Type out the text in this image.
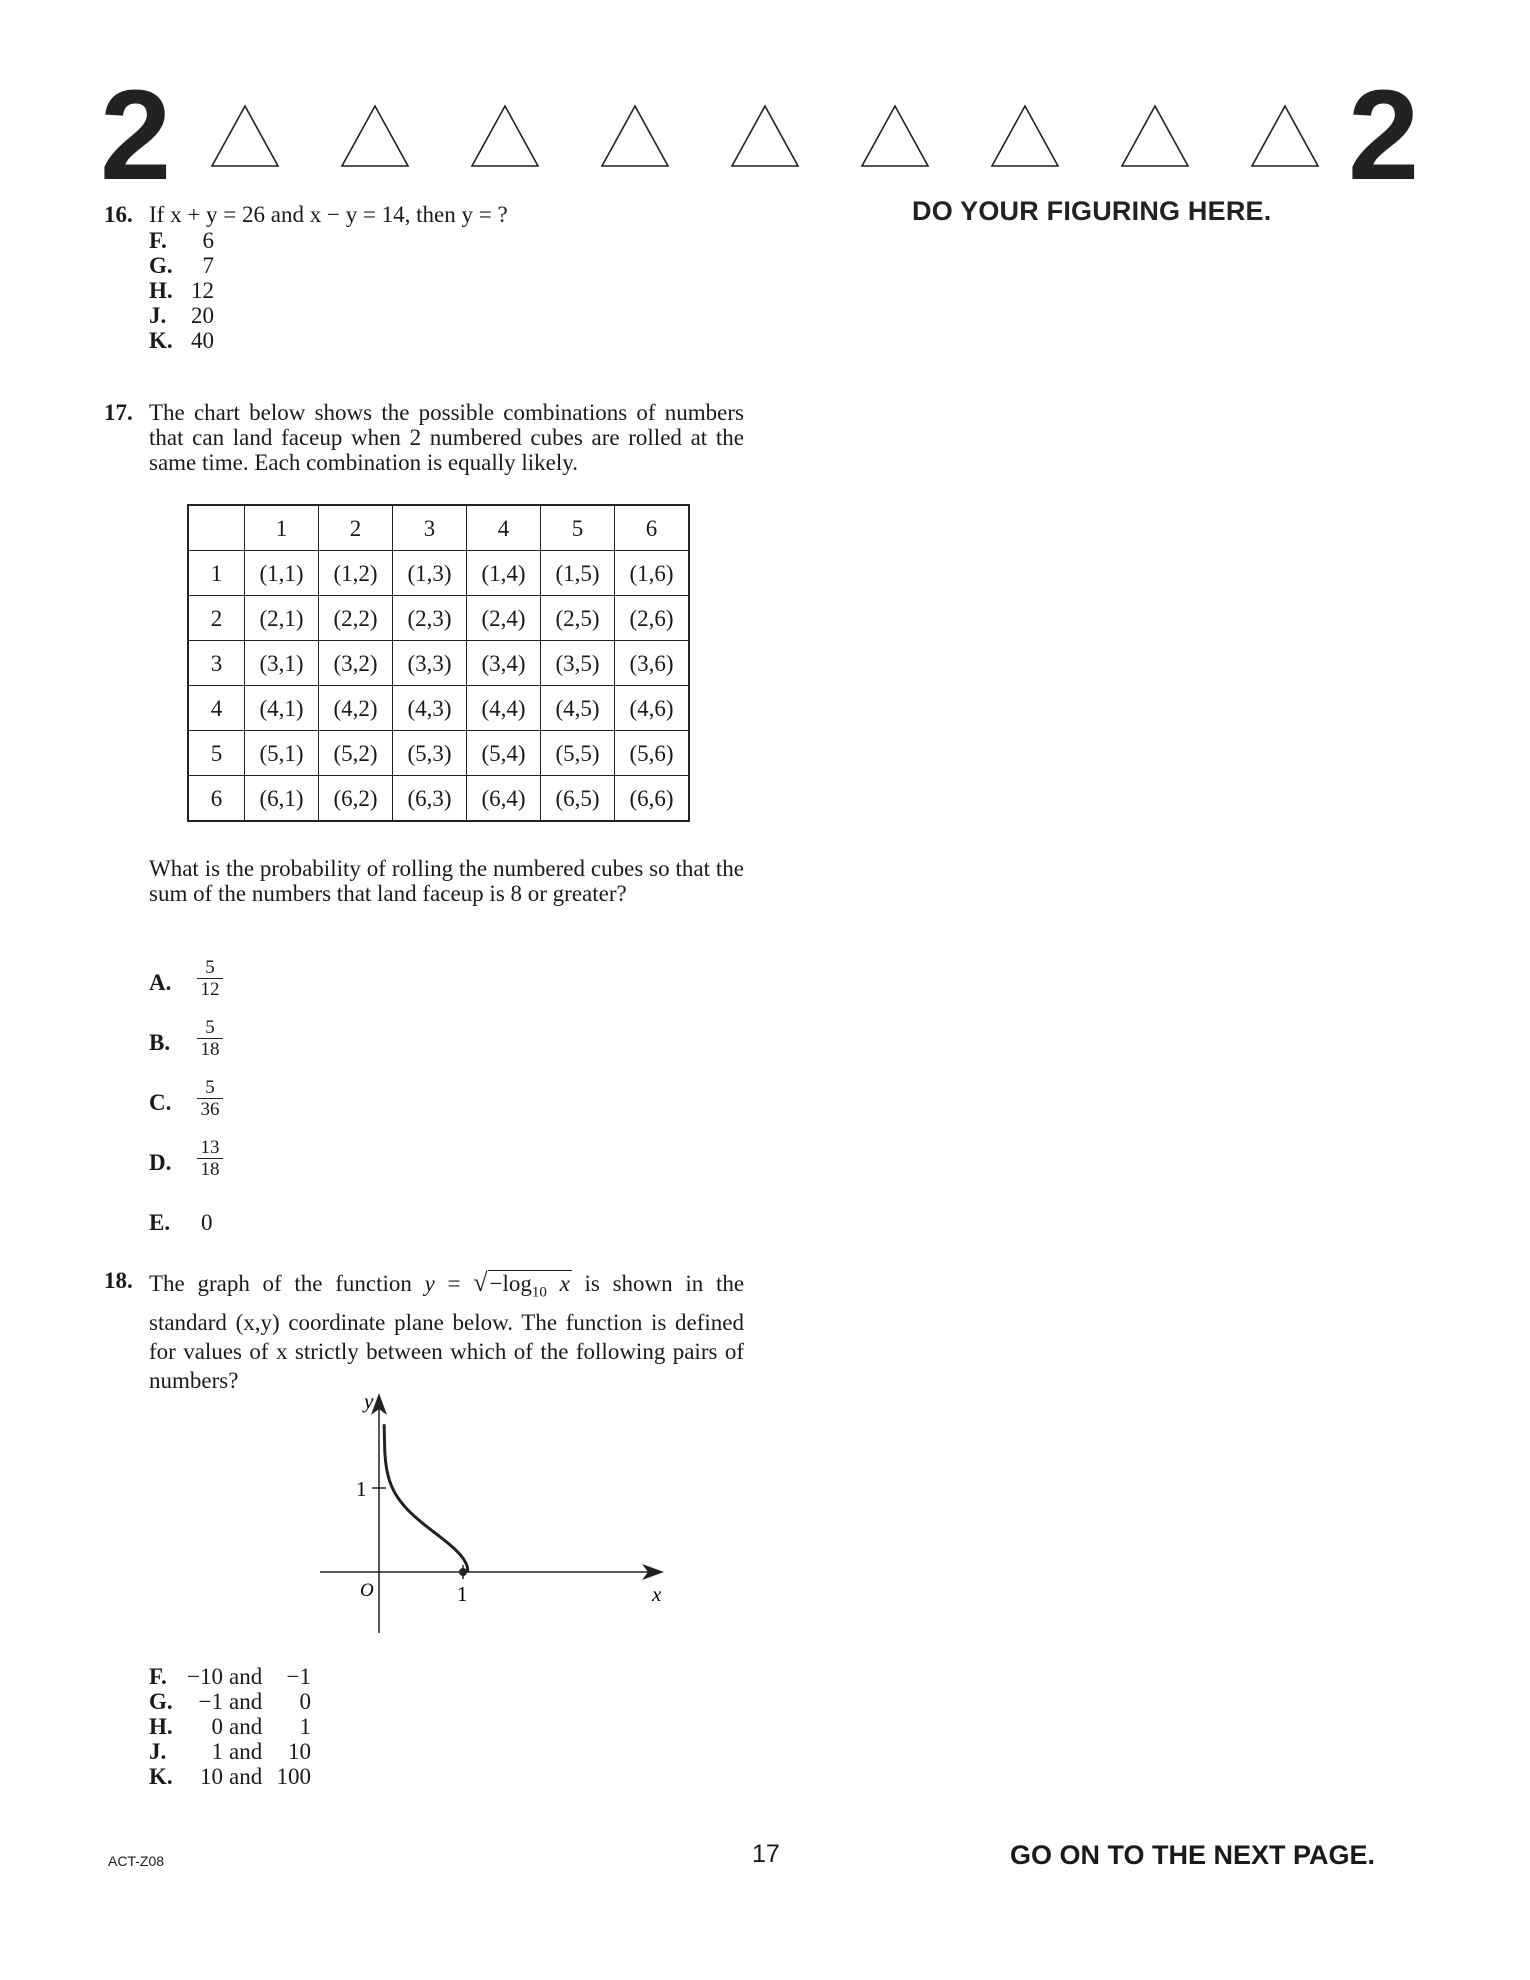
2	2
DO YOUR FIGURING HERE.
16. If x + y = 26 and x − y = 14, then y = ?
F.	6
G.	7
H. 12
J. 20
K. 40
17. The chart below shows the possible combinations of numbers that can land faceup when 2 numbered cubes are rolled at the same time. Each combination is equally likely.
	1	2	3	4	5	6
1	(1,1)	(1,2)	(1,3)	(1,4)	(1,5)	(1,6)
2	(2,1)	(2,2)	(2,3)	(2,4)	(2,5)	(2,6)
3	(3,1)	(3,2)	(3,3)	(3,4)	(3,5)	(3,6)
4	(4,1)	(4,2)	(4,3)	(4,4)	(4,5)	(4,6)
5	(5,1)	(5,2)	(5,3)	(5,4)	(5,5)	(5,6)
6	(6,1)	(6,2)	(6,3)	(6,4)	(6,5)	(6,6)
What is the probability of rolling the numbered cubes so that the sum of the numbers that land faceup is 8 or greater?
A. $\frac{5}{12}$
B. $\frac{5}{18}$
C. $\frac{5}{36}$
D. $\frac{13}{18}$
E. 0
18. The graph of the function $y = √-\log_{10}$ x is shown in the standard (x,y) coordinate plane below. The function is defined for values of x strictly between which of the following pairs of numbers?
y
x
O
1
1
F. −10 and	−1
G.	−1 and	0
H.	0 and	1
J.	1 and	10
K.	10 and 100
ACT-Z08	17	GO ON TO THE NEXT PAGE.
